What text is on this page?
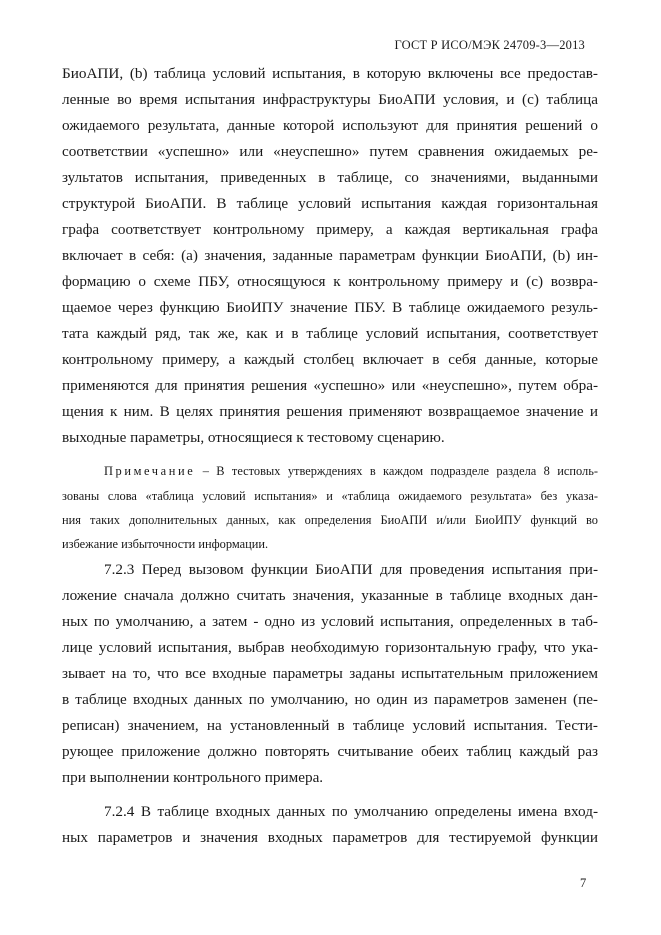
ГОСТ Р ИСО/МЭК 24709-3—2013
БиоАПИ, (b) таблица условий испытания, в которую включены все предостав-
ленные во время испытания инфраструктуры БиоАПИ условия, и (с) таблица
ожидаемого результата, данные которой используют для принятия решений о
соответствии «успешно» или «неуспешно» путем сравнения ожидаемых ре-
зультатов испытания, приведенных в таблице, со значениями, выданными
структурой БиоАПИ. В таблице условий испытания каждая горизонтальная
графа соответствует контрольному примеру, а каждая вертикальная графа
включает в себя: (а) значения, заданные параметрам функции БиоАПИ, (b) ин-
формацию о схеме ПБУ, относящуюся к контрольному примеру и (с) возвра-
щаемое через функцию БиоИПУ значение ПБУ. В таблице ожидаемого резуль-
тата каждый ряд, так же, как и в таблице условий испытания, соответствует
контрольному примеру, а каждый столбец включает в себя данные, которые
применяются для принятия решения «успешно» или «неуспешно», путем обра-
щения к ним. В целях принятия решения применяют возвращаемое значение и
выходные параметры, относящиеся к тестовому сценарию.
Примечание – В тестовых утверждениях в каждом подразделе раздела 8 исполь-
зованы слова «таблица условий испытания» и «таблица ожидаемого результата» без указа-
ния таких дополнительных данных, как определения БиоАПИ и/или БиоИПУ функций во
избежание избыточности информации.
7.2.3 Перед вызовом функции БиоАПИ для проведения испытания при-
ложение сначала должно считать значения, указанные в таблице входных дан-
ных по умолчанию, а затем - одно из условий испытания, определенных в таб-
лице условий испытания, выбрав необходимую горизонтальную графу, что ука-
зывает на то, что все входные параметры заданы испытательным приложением
в таблице входных данных по умолчанию, но один из параметров заменен (пе-
реписан) значением, на установленный в таблице условий испытания. Тести-
рующее приложение должно повторять считывание обеих таблиц каждый раз
при выполнении контрольного примера.
7.2.4 В таблице входных данных по умолчанию определены имена вход-
ных параметров и значения входных параметров для тестируемой функции
7
